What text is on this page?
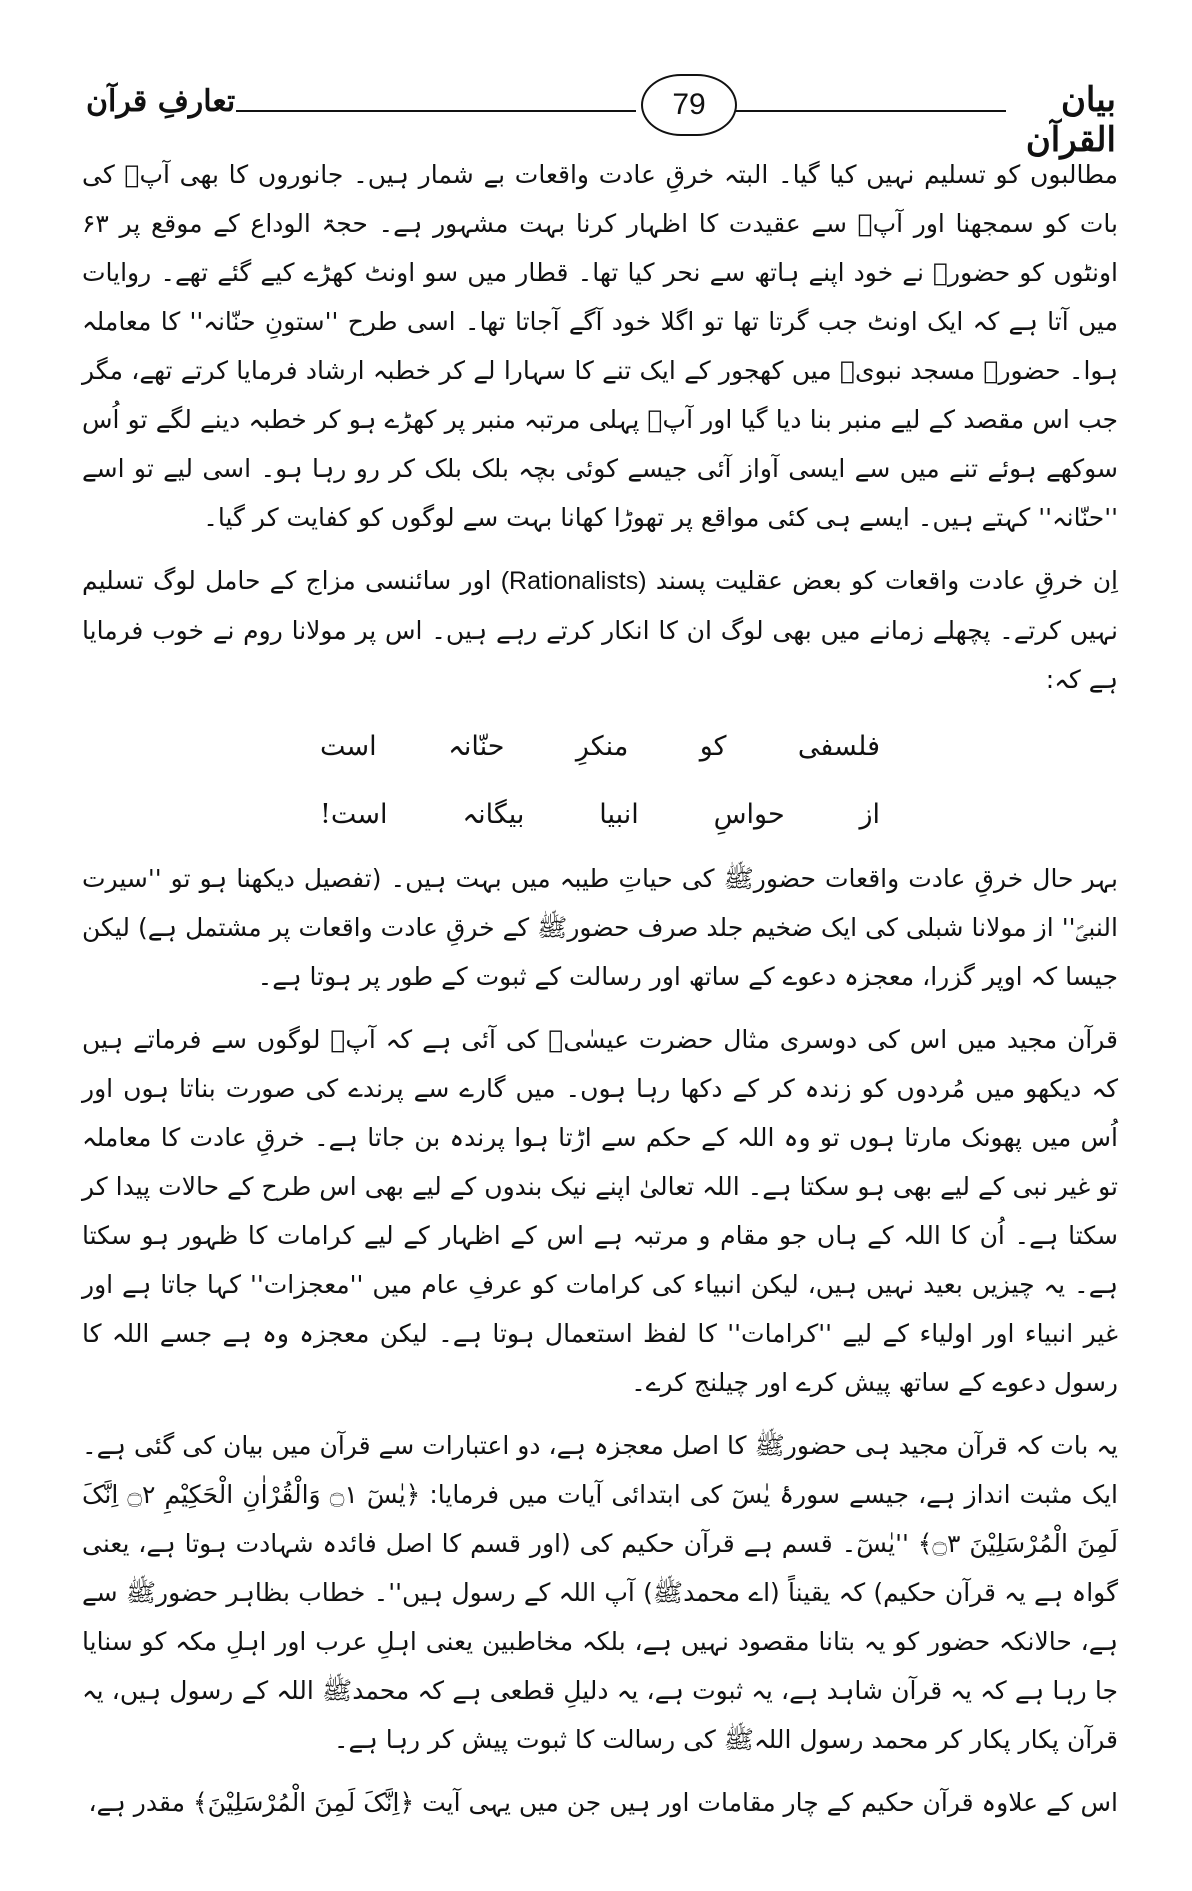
تعارفِ قرآن	79	بیان القرآن

مطالبوں کو تسلیم نہیں کیا گیا۔ البتہ خرقِ عادت واقعات بے شمار ہیں۔ جانوروں کا بھی آپؐ کی بات کو سمجھنا اور آپؐ سے عقیدت کا اظہار کرنا بہت مشہور ہے۔ حجۃ الوداع کے موقع پر ۶۳ اونٹوں کو حضورﷺ نے خود اپنے ہاتھ سے نحر کیا تھا۔ قطار میں سو اونٹ کھڑے کیے گئے تھے۔ روایات میں آتا ہے کہ ایک اونٹ جب گرتا تھا تو اگلا خود آگے آجاتا تھا۔ اسی طرح ''ستونِ حنّانہ'' کا معاملہ ہوا۔ حضورﷺ مسجد نبویؐ میں کھجور کے ایک تنے کا سہارا لے کر خطبہ ارشاد فرمایا کرتے تھے، مگر جب اس مقصد کے لیے منبر بنا دیا گیا اور آپؐ پہلی مرتبہ منبر پر کھڑے ہو کر خطبہ دینے لگے تو اُس سوکھے ہوئے تنے میں سے ایسی آواز آئی جیسے کوئی بچہ بلک بلک کر رو رہا ہو۔ اسی لیے تو اسے ''حنّانہ'' کہتے ہیں۔ ایسے ہی کئی مواقع پر تھوڑا کھانا بہت سے لوگوں کو کفایت کر گیا۔

اِن خرقِ عادت واقعات کو بعض عقلیت پسند (Rationalists) اور سائنسی مزاج کے حامل لوگ تسلیم نہیں کرتے۔ پچھلے زمانے میں بھی لوگ ان کا انکار کرتے رہے ہیں۔ اس پر مولانا روم نے خوب فرمایا ہے کہ:

فلسفی
کو
منکرِ
حنّانہ
است
از
حواسِ
انبیا
بیگانہ
است!

بہر حال خرقِ عادت واقعات حضورﷺ کی حیاتِ طیبہ میں بہت ہیں۔ (تفصیل دیکھنا ہو تو ''سیرت النبیؐ'' از مولانا شبلی کی ایک ضخیم جلد صرف حضورﷺ کے خرقِ عادت واقعات پر مشتمل ہے) لیکن جیسا کہ اوپر گزرا، معجزہ دعوے کے ساتھ اور رسالت کے ثبوت کے طور پر ہوتا ہے۔

قرآن مجید میں اس کی دوسری مثال حضرت عیسٰیؑ کی آئی ہے کہ آپؑ لوگوں سے فرماتے ہیں کہ دیکھو میں مُردوں کو زندہ کر کے دکھا رہا ہوں۔ میں گارے سے پرندے کی صورت بناتا ہوں اور اُس میں پھونک مارتا ہوں تو وہ اللہ کے حکم سے اڑتا ہوا پرندہ بن جاتا ہے۔ خرقِ عادت کا معاملہ تو غیر نبی کے لیے بھی ہو سکتا ہے۔ اللہ تعالیٰ اپنے نیک بندوں کے لیے بھی اس طرح کے حالات پیدا کر سکتا ہے۔ اُن کا اللہ کے ہاں جو مقام و مرتبہ ہے اس کے اظہار کے لیے کرامات کا ظہور ہو سکتا ہے۔ یہ چیزیں بعید نہیں ہیں، لیکن انبیاء کی کرامات کو عرفِ عام میں ''معجزات'' کہا جاتا ہے اور غیر انبیاء اور اولیاء کے لیے ''کرامات'' کا لفظ استعمال ہوتا ہے۔ لیکن معجزہ وہ ہے جسے اللہ کا رسول دعوے کے ساتھ پیش کرے اور چیلنج کرے۔

یہ بات کہ قرآن مجید ہی حضورﷺ کا اصل معجزہ ہے، دو اعتبارات سے قرآن میں بیان کی گئی ہے۔ ایک مثبت انداز ہے، جیسے سورۂ یٰسٓ کی ابتدائی آیات میں فرمایا: ﴿یٰسٓ ۝۱ وَالْقُرْاٰنِ الْحَکِیْمِ ۝۲ اِنَّکَ لَمِنَ الْمُرْسَلِیْنَ ۝۳﴾ ''یٰسٓ۔ قسم ہے قرآن حکیم کی (اور قسم کا اصل فائدہ شہادت ہوتا ہے، یعنی گواہ ہے یہ قرآن حکیم) کہ یقیناً (اے محمدﷺ) آپ اللہ کے رسول ہیں''۔ خطاب بظاہر حضورﷺ سے ہے، حالانکہ حضور کو یہ بتانا مقصود نہیں ہے، بلکہ مخاطبین یعنی اہلِ عرب اور اہلِ مکہ کو سنایا جا رہا ہے کہ یہ قرآن شاہد ہے، یہ ثبوت ہے، یہ دلیلِ قطعی ہے کہ محمدﷺ اللہ کے رسول ہیں، یہ قرآن پکار پکار کر محمد رسول اللہﷺ کی رسالت کا ثبوت پیش کر رہا ہے۔

اس کے علاوہ قرآن حکیم کے چار مقامات اور ہیں جن میں یہی آیت ﴿اِنَّکَ لَمِنَ الْمُرْسَلِیْنَ﴾ مقدر ہے،
